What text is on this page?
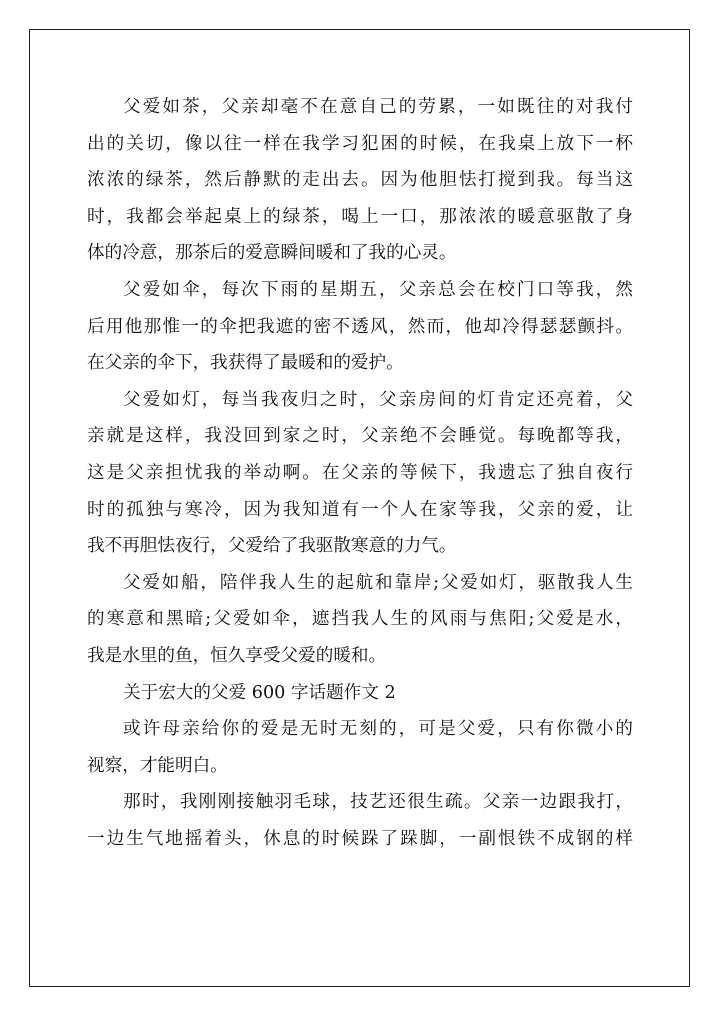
父爱如茶，父亲却毫不在意自己的劳累，一如既往的对我付
出的关切，像以往一样在我学习犯困的时候，在我桌上放下一杯
浓浓的绿茶，然后静默的走出去。因为他胆怯打搅到我。每当这
时，我都会举起桌上的绿茶，喝上一口，那浓浓的暖意驱散了身
体的冷意，那茶后的爱意瞬间暖和了我的心灵。
父爱如伞，每次下雨的星期五，父亲总会在校门口等我，然
后用他那惟一的伞把我遮的密不透风，然而，他却冷得瑟瑟颤抖。
在父亲的伞下，我获得了最暖和的爱护。
父爱如灯，每当我夜归之时，父亲房间的灯肯定还亮着，父
亲就是这样，我没回到家之时，父亲绝不会睡觉。每晚都等我，
这是父亲担忧我的举动啊。在父亲的等候下，我遗忘了独自夜行
时的孤独与寒冷，因为我知道有一个人在家等我，父亲的爱，让
我不再胆怯夜行，父爱给了我驱散寒意的力气。
父爱如船，陪伴我人生的起航和靠岸;父爱如灯，驱散我人生
的寒意和黑暗;父爱如伞，遮挡我人生的风雨与焦阳;父爱是水，
我是水里的鱼，恒久享受父爱的暖和。
关于宏大的父爱 600 字话题作文 2
或许母亲给你的爱是无时无刻的，可是父爱，只有你微小的
视察，才能明白。
那时，我刚刚接触羽毛球，技艺还很生疏。父亲一边跟我打，
一边生气地摇着头，休息的时候跺了跺脚，一副恨铁不成钢的样
